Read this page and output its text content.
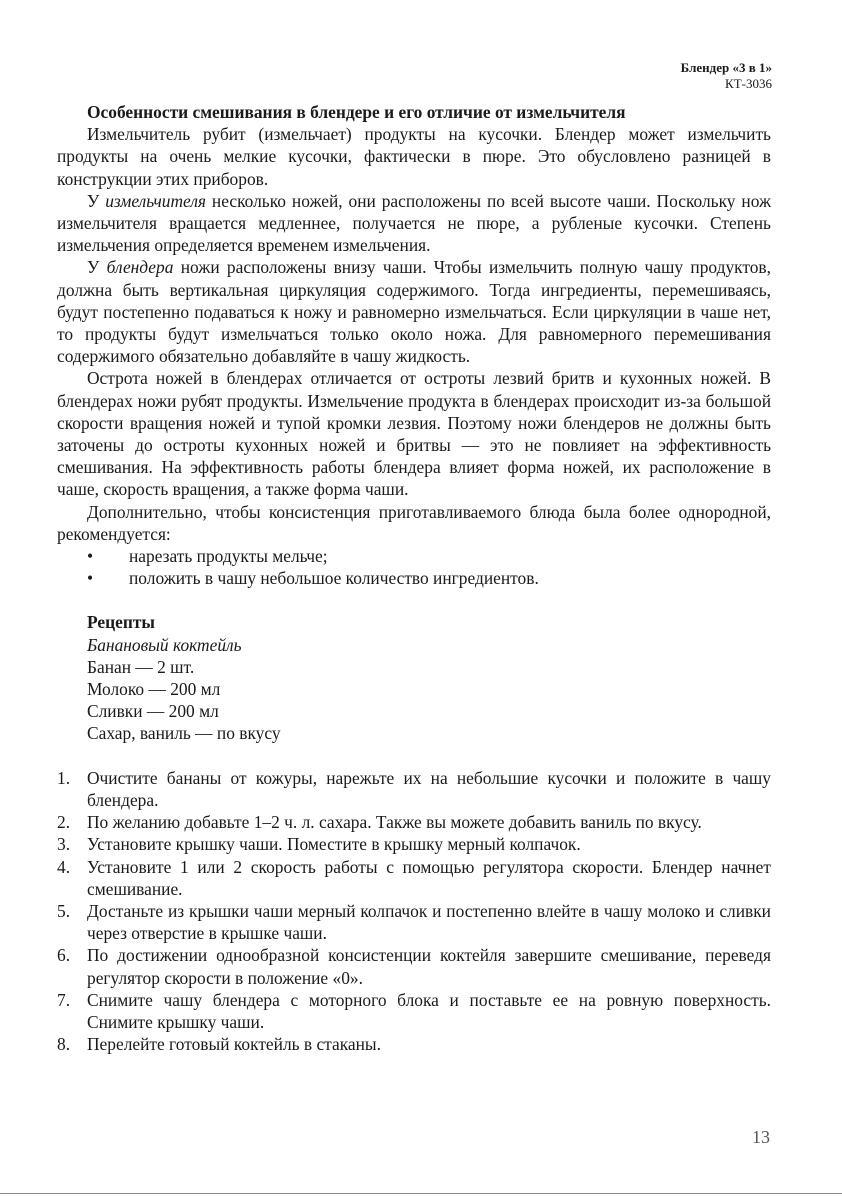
Блендер «3 в 1»
КТ-3036
Особенности смешивания в блендере и его отличие от измельчителя

Измельчитель рубит (измельчает) продукты на кусочки. Блендер может измельчить продукты на очень мелкие кусочки, фактически в пюре. Это обусловлено разницей в конструкции этих приборов.

У измельчителя несколько ножей, они расположены по всей высоте чаши. Поскольку нож измельчителя вращается медленнее, получается не пюре, а рубленые кусочки. Степень измельчения определяется временем измельчения.

У блендера ножи расположены внизу чаши. Чтобы измельчить полную чашу продуктов, должна быть вертикальная циркуляция содержимого. Тогда ингредиенты, перемешиваясь, будут постепенно подаваться к ножу и равномерно измельчаться. Если циркуляции в чаше нет, то продукты будут измельчаться только около ножа. Для равномерного перемешивания содержимого обязательно добавляйте в чашу жидкость.

Острота ножей в блендерах отличается от остроты лезвий бритв и кухонных ножей. В блендерах ножи рубят продукты. Измельчение продукта в блендерах происходит из-за большой скорости вращения ножей и тупой кромки лезвия. Поэтому ножи блендеров не должны быть заточены до остроты кухонных ножей и бритвы — это не повлияет на эффективность смешивания. На эффективность работы блендера влияет форма ножей, их расположение в чаше, скорость вращения, а также форма чаши.

Дополнительно, чтобы консистенция приготавливаемого блюда была более однородной, рекомендуется:

• нарезать продукты мельче;
• положить в чашу небольшое количество ингредиентов.
Рецепты
Банановый коктейль
Банан — 2 шт.
Молоко — 200 мл
Сливки — 200 мл
Сахар, ваниль — по вкусу
1. Очистите бананы от кожуры, нарежьте их на небольшие кусочки и положите в чашу блендера.
2. По желанию добавьте 1–2 ч. л. сахара. Также вы можете добавить ваниль по вкусу.
3. Установите крышку чаши. Поместите в крышку мерный колпачок.
4. Установите 1 или 2 скорость работы с помощью регулятора скорости. Блендер начнет смешивание.
5. Достаньте из крышки чаши мерный колпачок и постепенно влейте в чашу молоко и сливки через отверстие в крышке чаши.
6. По достижении однообразной консистенции коктейля завершите смешивание, переведя регулятор скорости в положение «0».
7. Снимите чашу блендера с моторного блока и поставьте ее на ровную поверхность. Снимите крышку чаши.
8. Перелейте готовый коктейль в стаканы.
13
